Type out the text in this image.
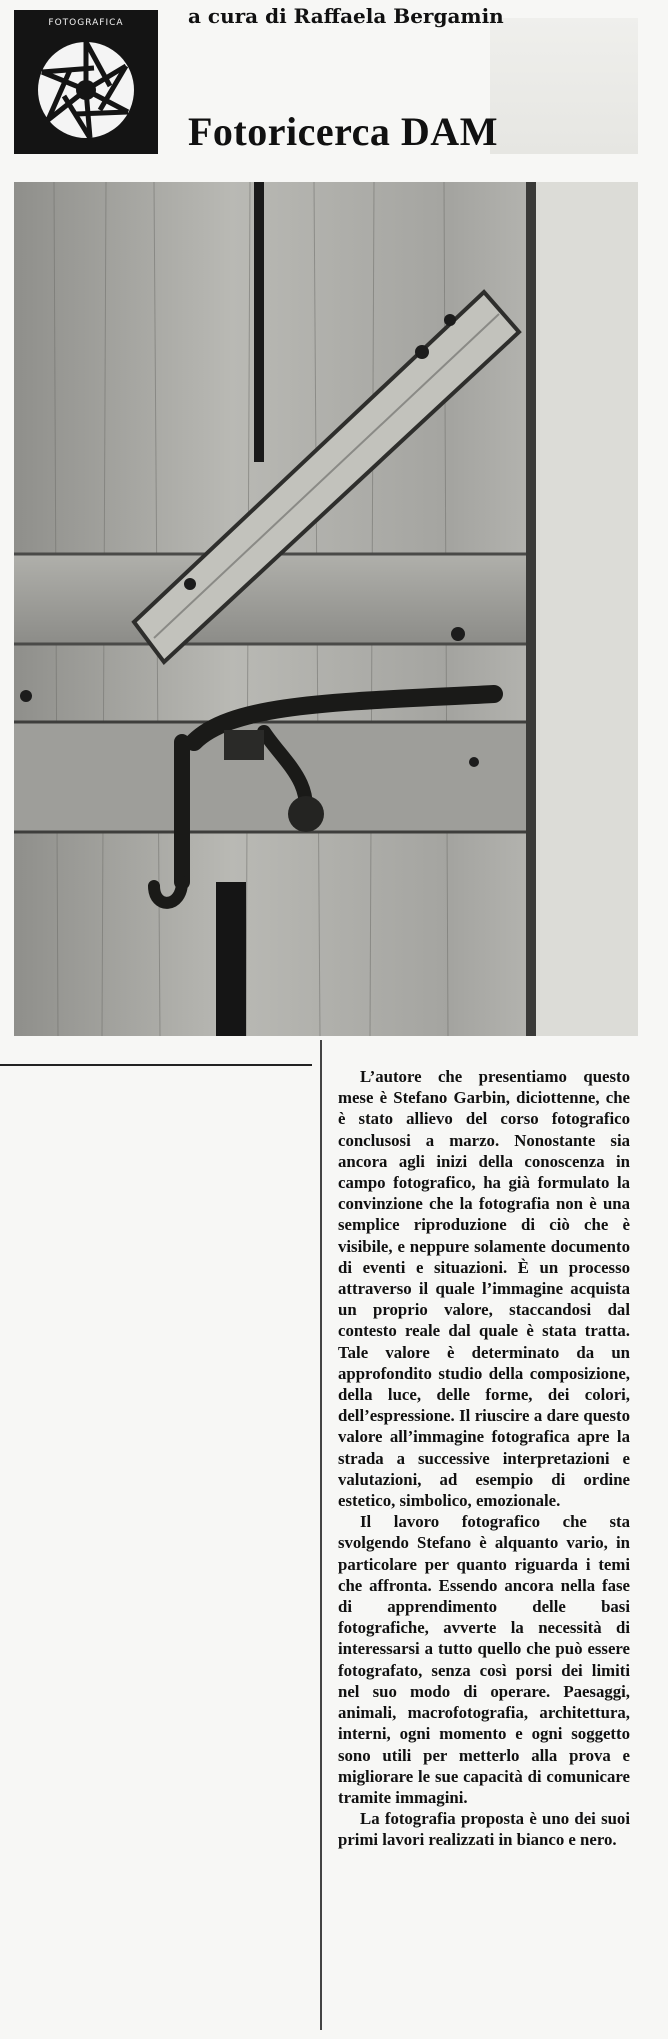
FOTOGRAFICA	a cura di Raffaela Bergamin
Fotoricerca DAM

L’autore che presentiamo questo mese è Stefano Garbin, diciottenne, che è stato allievo del corso fotografico conclusosi a marzo. Nonostante sia ancora agli inizi della conoscenza in campo fotografico, ha già formulato la convinzione che la fotografia non è una semplice riproduzione di ciò che è visibile, e neppure solamente documento di eventi e situazioni. È un processo attraverso il quale l’immagine acquista un proprio valore, staccandosi dal contesto reale dal quale è stata tratta. Tale valore è determinato da un approfondito studio della composizione, della luce, delle forme, dei colori, dell’espressione. Il riuscire a dare questo valore all’immagine fotografica apre la strada a successive interpretazioni e valutazioni, ad esempio di ordine estetico, simbolico, emozionale.

Il lavoro fotografico che sta svolgendo Stefano è alquanto vario, in particolare per quanto riguarda i temi che affronta. Essendo ancora nella fase di apprendimento delle basi fotografiche, avverte la necessità di interessarsi a tutto quello che può essere fotografato, senza così porsi dei limiti nel suo modo di operare. Paesaggi, animali, macrofotografia, architettura, interni, ogni momento e ogni soggetto sono utili per metterlo alla prova e migliorare le sue capacità di comunicare tramite immagini.

La fotografia proposta è uno dei suoi primi lavori realizzati in bianco e nero.
